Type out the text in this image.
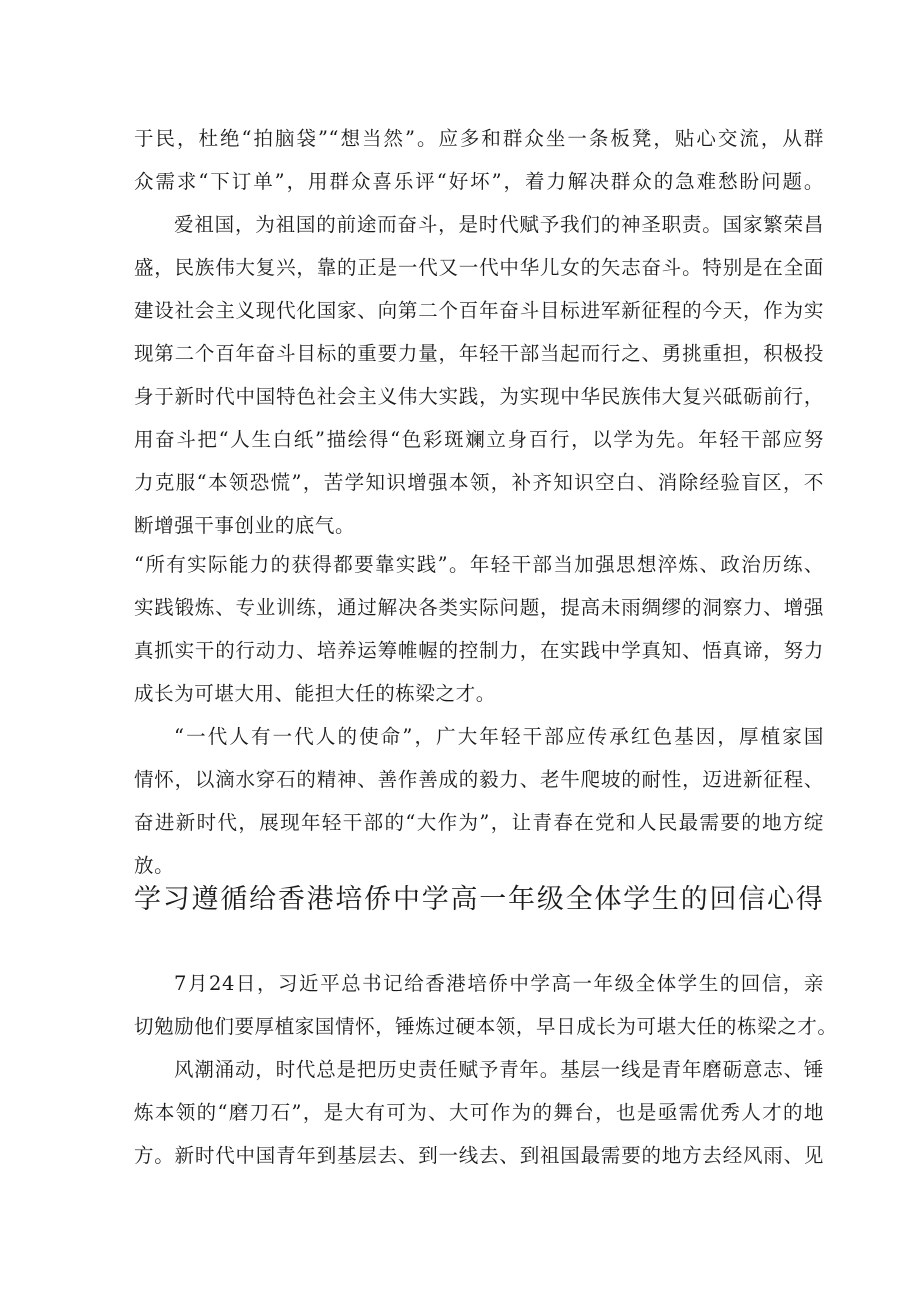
于民，杜绝“拍脑袋”“想当然”。应多和群众坐一条板凳，贴心交流，从群
众需求“下订单”，用群众喜乐评“好坏”，着力解决群众的急难愁盼问题。
爱祖国，为祖国的前途而奋斗，是时代赋予我们的神圣职责。国家繁荣昌
盛，民族伟大复兴，靠的正是一代又一代中华儿女的矢志奋斗。特别是在全面
建设社会主义现代化国家、向第二个百年奋斗目标进军新征程的今天，作为实
现第二个百年奋斗目标的重要力量，年轻干部当起而行之、勇挑重担，积极投
身于新时代中国特色社会主义伟大实践，为实现中华民族伟大复兴砥砺前行，
用奋斗把“人生白纸”描绘得“色彩斑斓立身百行，以学为先。年轻干部应努
力克服“本领恐慌”，苦学知识增强本领，补齐知识空白、消除经验盲区，不
断增强干事创业的底气。
“所有实际能力的获得都要靠实践”。年轻干部当加强思想淬炼、政治历练、
实践锻炼、专业训练，通过解决各类实际问题，提高未雨绸缪的洞察力、增强
真抓实干的行动力、培养运筹帷幄的控制力，在实践中学真知、悟真谛，努力
成长为可堪大用、能担大任的栋梁之才。
“一代人有一代人的使命”，广大年轻干部应传承红色基因，厚植家国
情怀，以滴水穿石的精神、善作善成的毅力、老牛爬坡的耐性，迈进新征程、
奋进新时代，展现年轻干部的“大作为”，让青春在党和人民最需要的地方绽
放。
学习遵循给香港培侨中学高一年级全体学生的回信心得
7月24日，习近平总书记给香港培侨中学高一年级全体学生的回信，亲
切勉励他们要厚植家国情怀，锤炼过硬本领，早日成长为可堪大任的栋梁之才。
风潮涌动，时代总是把历史责任赋予青年。基层一线是青年磨砺意志、锤
炼本领的“磨刀石”，是大有可为、大可作为的舞台，也是亟需优秀人才的地
方。新时代中国青年到基层去、到一线去、到祖国最需要的地方去经风雨、见
